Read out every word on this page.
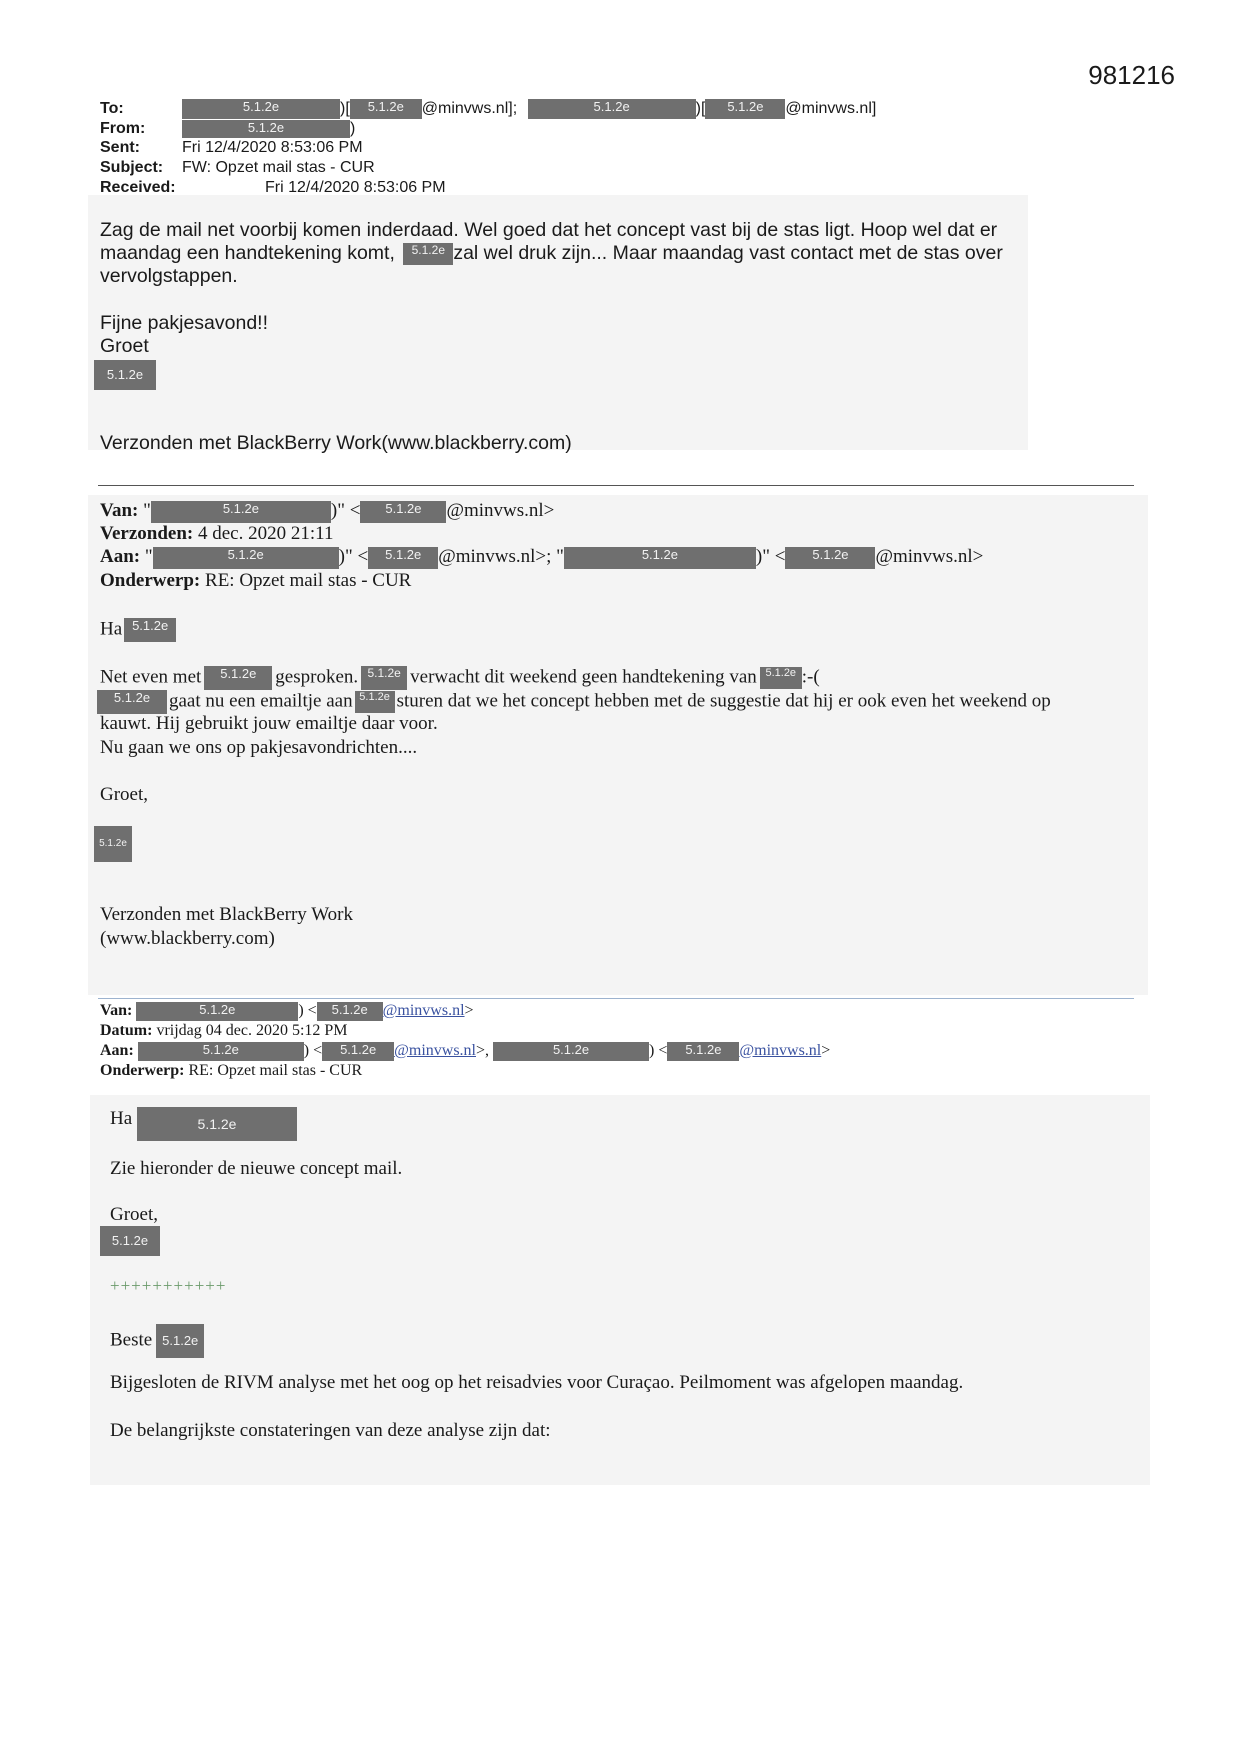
981216
To:	5.1.2e	)[ 5.1.2e @minvws.nl];	5.1.2e	)[ 5.1.2e @minvws.nl]
From:	5.1.2e	)
Sent:	Fri 12/4/2020 8:53:06 PM
Subject: FW: Opzet mail stas - CUR
Received:	Fri 12/4/2020 8:53:06 PM
Zag de mail net voorbij komen inderdaad. Wel goed dat het concept vast bij de stas ligt. Hoop wel dat er
maandag een handtekening komt, 5.1.2e zal wel druk zijn... Maar maandag vast contact met de stas over
vervolgstappen.
Fijne pakjesavond!!
Groet
5.1.2e
Verzonden met BlackBerry Work(www.blackberry.com)
Van: "	5.1.2e	)" < 5.1.2e @minvws.nl>
Verzonden: 4 dec. 2020 21:11
Aan: "	5.1.2e	)" < 5.1.2e @minvws.nl>; "	5.1.2e	)" < 5.1.2e @minvws.nl>
Onderwerp: RE: Opzet mail stas - CUR
Ha 5.1.2e
Net even met 5.1.2e gesproken. 5.1.2e verwacht dit weekend geen handtekening van 5.1.2e :-(
5.1.2e gaat nu een emailtje aan 5.1.2e sturen dat we het concept hebben met de suggestie dat hij er ook even het weekend op
kauwt. Hij gebruikt jouw emailtje daar voor.
Nu gaan we ons op pakjesavondrichten....
Groet,
5.1.2e
Verzonden met BlackBerry Work
(www.blackberry.com)
Van:	5.1.2e	) < 5.1.2e @minvws.nl>
Datum: vrijdag 04 dec. 2020 5:12 PM
Aan:	5.1.2e	) < 5.1.2e @minvws.nl>,	5.1.2e	) < 5.1.2e @minvws.nl>
Onderwerp: RE: Opzet mail stas - CUR
Ha	5.1.2e
Zie hieronder de nieuwe concept mail.
Groet,
5.1.2e
+++++++++++
Beste 5.1.2e
Bijgesloten de RIVM analyse met het oog op het reisadvies voor Curaçao. Peilmoment was afgelopen maandag.
De belangrijkste constateringen van deze analyse zijn dat:
